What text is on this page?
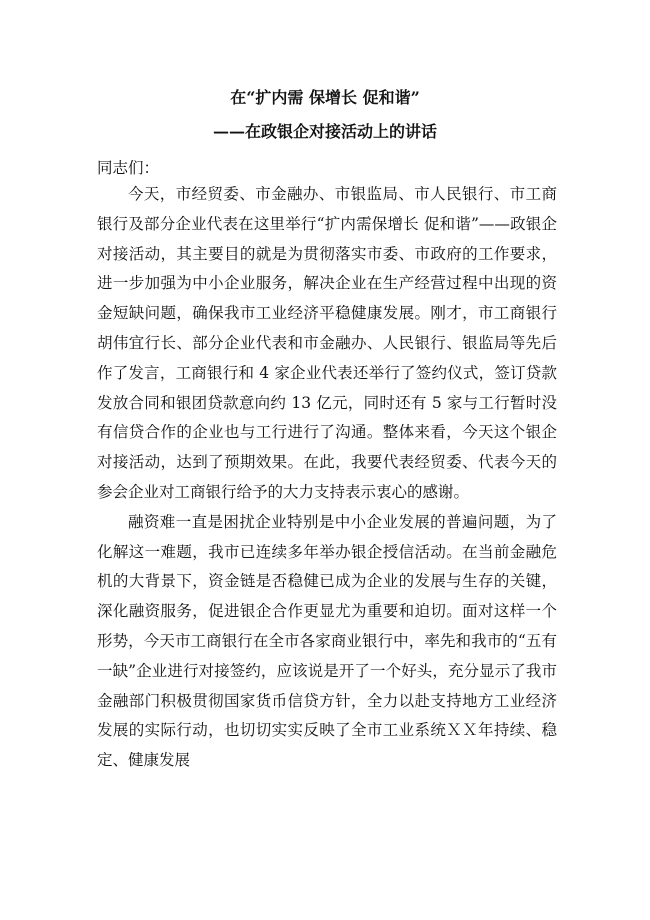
在“扩内需 保增长 促和谐”
——在政银企对接活动上的讲话
同志们：

今天，市经贸委、市金融办、市银监局、市人民银行、市工商银行及部分企业代表在这里举行“扩内需保增长 促和谐”——政银企对接活动，其主要目的就是为贯彻落实市委、市政府的工作要求，进一步加强为中小企业服务，解决企业在生产经营过程中出现的资金短缺问题，确保我市工业经济平稳健康发展。刚才，市工商银行胡伟宜行长、部分企业代表和市金融办、人民银行、银监局等先后作了发言，工商银行和 4 家企业代表还举行了签约仪式，签订贷款发放合同和银团贷款意向约 13 亿元，同时还有 5 家与工行暂时没有信贷合作的企业也与工行进行了沟通。整体来看，今天这个银企对接活动，达到了预期效果。在此，我要代表经贸委、代表今天的参会企业对工商银行给予的大力支持表示衷心的感谢。

融资难一直是困扰企业特别是中小企业发展的普遍问题，为了化解这一难题，我市已连续多年举办银企授信活动。在当前金融危机的大背景下，资金链是否稳健已成为企业的发展与生存的关键，深化融资服务，促进银企合作更显尤为重要和迫切。面对这样一个形势，今天市工商银行在全市各家商业银行中，率先和我市的“五有一缺”企业进行对接签约，应该说是开了一个好头，充分显示了我市金融部门积极贯彻国家货币信贷方针，全力以赴支持地方工业经济发展的实际行动，也切切实实反映了全市工业系统ＸＸ年持续、稳定、健康发展
